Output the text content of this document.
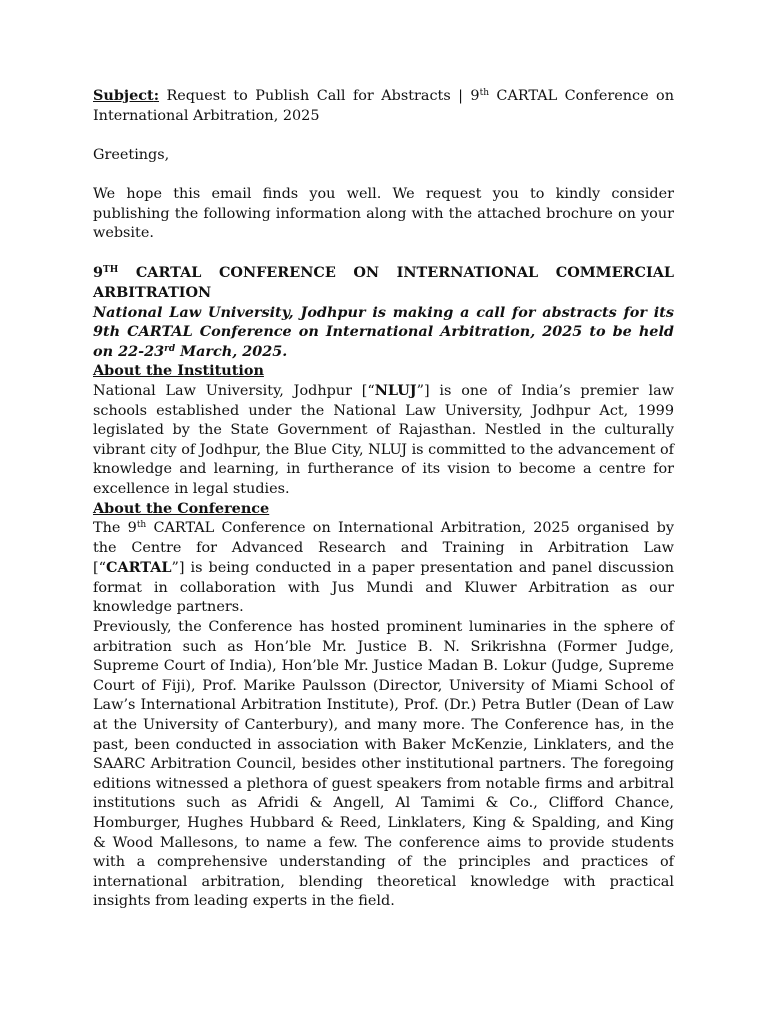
Subject: Request to Publish Call for Abstracts | 9th CARTAL Conference on International Arbitration, 2025

Greetings,

We hope this email finds you well. We request you to kindly consider publishing the following information along with the attached brochure on your website.

9TH CARTAL CONFERENCE ON INTERNATIONAL COMMERCIAL ARBITRATION

National Law University, Jodhpur is making a call for abstracts for its 9th CARTAL Conference on International Arbitration, 2025 to be held on 22-23rd March, 2025.

About the Institution

National Law University, Jodhpur [“NLUJ”] is one of India’s premier law schools established under the National Law University, Jodhpur Act, 1999 legislated by the State Government of Rajasthan. Nestled in the culturally vibrant city of Jodhpur, the Blue City, NLUJ is committed to the advancement of knowledge and learning, in furtherance of its vision to become a centre for excellence in legal studies.

About the Conference

The 9th CARTAL Conference on International Arbitration, 2025 organised by the Centre for Advanced Research and Training in Arbitration Law [“CARTAL”] is being conducted in a paper presentation and panel discussion format in collaboration with Jus Mundi and Kluwer Arbitration as our knowledge partners.

Previously, the Conference has hosted prominent luminaries in the sphere of arbitration such as Hon’ble Mr. Justice B. N. Srikrishna (Former Judge, Supreme Court of India), Hon’ble Mr. Justice Madan B. Lokur (Judge, Supreme Court of Fiji), Prof. Marike Paulsson (Director, University of Miami School of Law’s International Arbitration Institute), Prof. (Dr.) Petra Butler (Dean of Law at the University of Canterbury), and many more. The Conference has, in the past, been conducted in association with Baker McKenzie, Linklaters, and the SAARC Arbitration Council, besides other institutional partners. The foregoing editions witnessed a plethora of guest speakers from notable firms and arbitral institutions such as Afridi & Angell, Al Tamimi & Co., Clifford Chance, Homburger, Hughes Hubbard & Reed, Linklaters, King & Spalding, and King & Wood Mallesons, to name a few. The conference aims to provide students with a comprehensive understanding of the principles and practices of international arbitration, blending theoretical knowledge with practical insights from leading experts in the field.
